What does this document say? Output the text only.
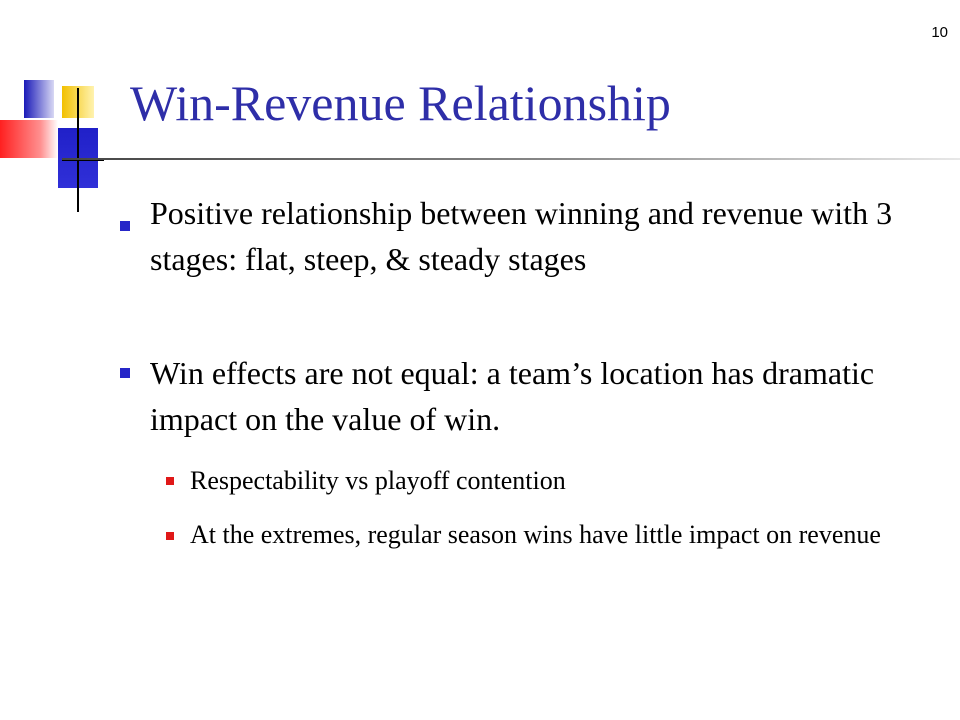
10
Win-Revenue Relationship
Positive relationship between winning and revenue with 3 stages: flat, steep, & steady stages
Win effects are not equal: a team’s location has dramatic impact on the value of win.
Respectability vs playoff contention
At the extremes, regular season wins have little impact on revenue
